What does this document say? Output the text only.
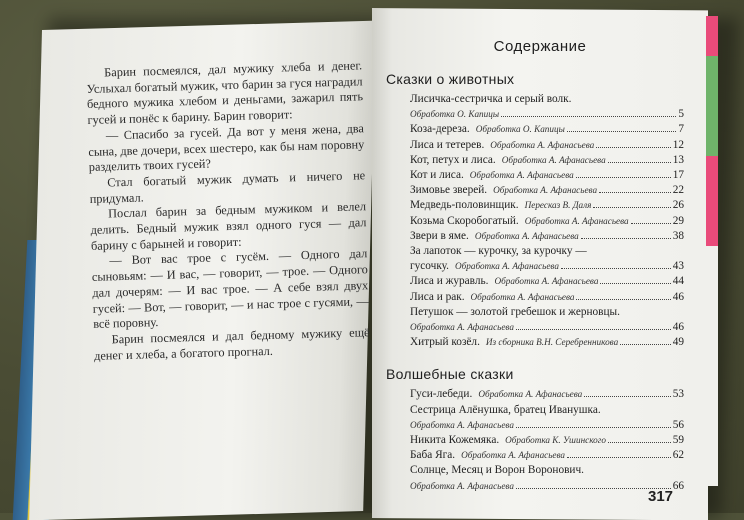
Барин посмеялся, дал мужику хлеба и денег. Услыхал богатый мужик, что барин за гуся наградил бедного мужика хлебом и деньгами, зажарил пять гусей и понёс к барину. Барин говорит:

— Спасибо за гусей. Да вот у меня жена, два сына, две дочери, всех шестеро, как бы нам поровну разделить твоих гусей?

Стал богатый мужик думать и ничего не придумал.

Послал барин за бедным мужиком и велел делить. Бедный мужик взял одного гуся — дал барину с барыней и говорит:

— Вот вас трое с гусём. — Одного дал сыновьям: — И вас, — говорит, — трое. — Одного дал дочерям: — И вас трое. — А себе взял двух гусей: — Вот, — говорит, — и нас трое с гусями, — всё поровну.

Барин посмеялся и дал бедному мужику ещё денег и хлеба, а богатого прогнал.

Содержание
Сказки о животных
Лисичка-сестричка и серый волк.
Обработка О. Капицы	5
Коза-дереза. Обработка О. Капицы	7
Лиса и тетерев. Обработка А. Афанасьева	12
Кот, петух и лиса. Обработка А. Афанасьева	13
Кот и лиса. Обработка А. Афанасьева	17
Зимовье зверей. Обработка А. Афанасьева	22
Медведь-половинщик. Пересказ В. Даля	26
Козьма Скоробогатый. Обработка А. Афанасьева	29
Звери в яме. Обработка А. Афанасьева	38
За лапоток — курочку, за курочку —
гусочку. Обработка А. Афанасьева	43
Лиса и журавль. Обработка А. Афанасьева	44
Лиса и рак. Обработка А. Афанасьева	46
Петушок — золотой гребешок и жерновцы.
Обработка А. Афанасьева	46
Хитрый козёл. Из сборника В.Н. Серебренникова	49
Волшебные сказки
Гуси-лебеди. Обработка А. Афанасьева	53
Сестрица Алёнушка, братец Иванушка.
Обработка А. Афанасьева	56
Никита Кожемяка. Обработка К. Ушинского	59
Баба Яга. Обработка А. Афанасьева	62
Солнце, Месяц и Ворон Воронович.
Обработка А. Афанасьева	66
317
